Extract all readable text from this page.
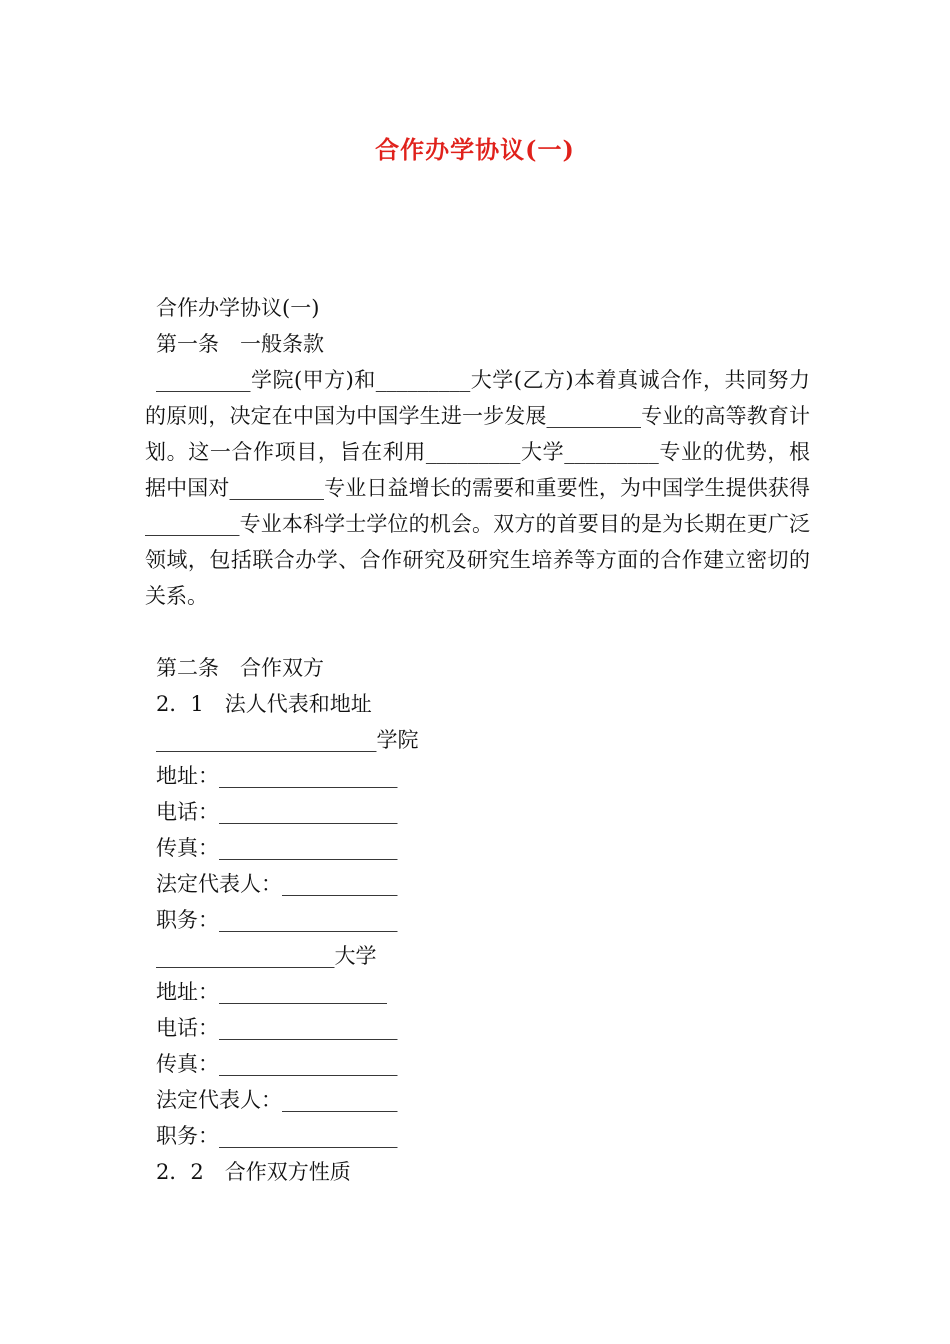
合作办学协议(一)
合作办学协议(一)
第一条　一般条款
_________学院(甲方)和_________大学(乙方)本着真诚合作，共同努力的原则，决定在中国为中国学生进一步发展_________专业的高等教育计划。这一合作项目，旨在利用_________大学_________专业的优势，根据中国对_________专业日益增长的需要和重要性，为中国学生提供获得_________专业本科学士学位的机会。双方的首要目的是为长期在更广泛领域，包括联合办学、合作研究及研究生培养等方面的合作建立密切的关系。
第二条　合作双方
2．1　法人代表和地址
_____________________学院
地址：_________________
电话：_________________
传真：_________________
法定代表人：___________
职务：_________________
_________________大学
地址：________________
电话：_________________
传真：_________________
法定代表人：___________
职务：_________________
2．2　合作双方性质
